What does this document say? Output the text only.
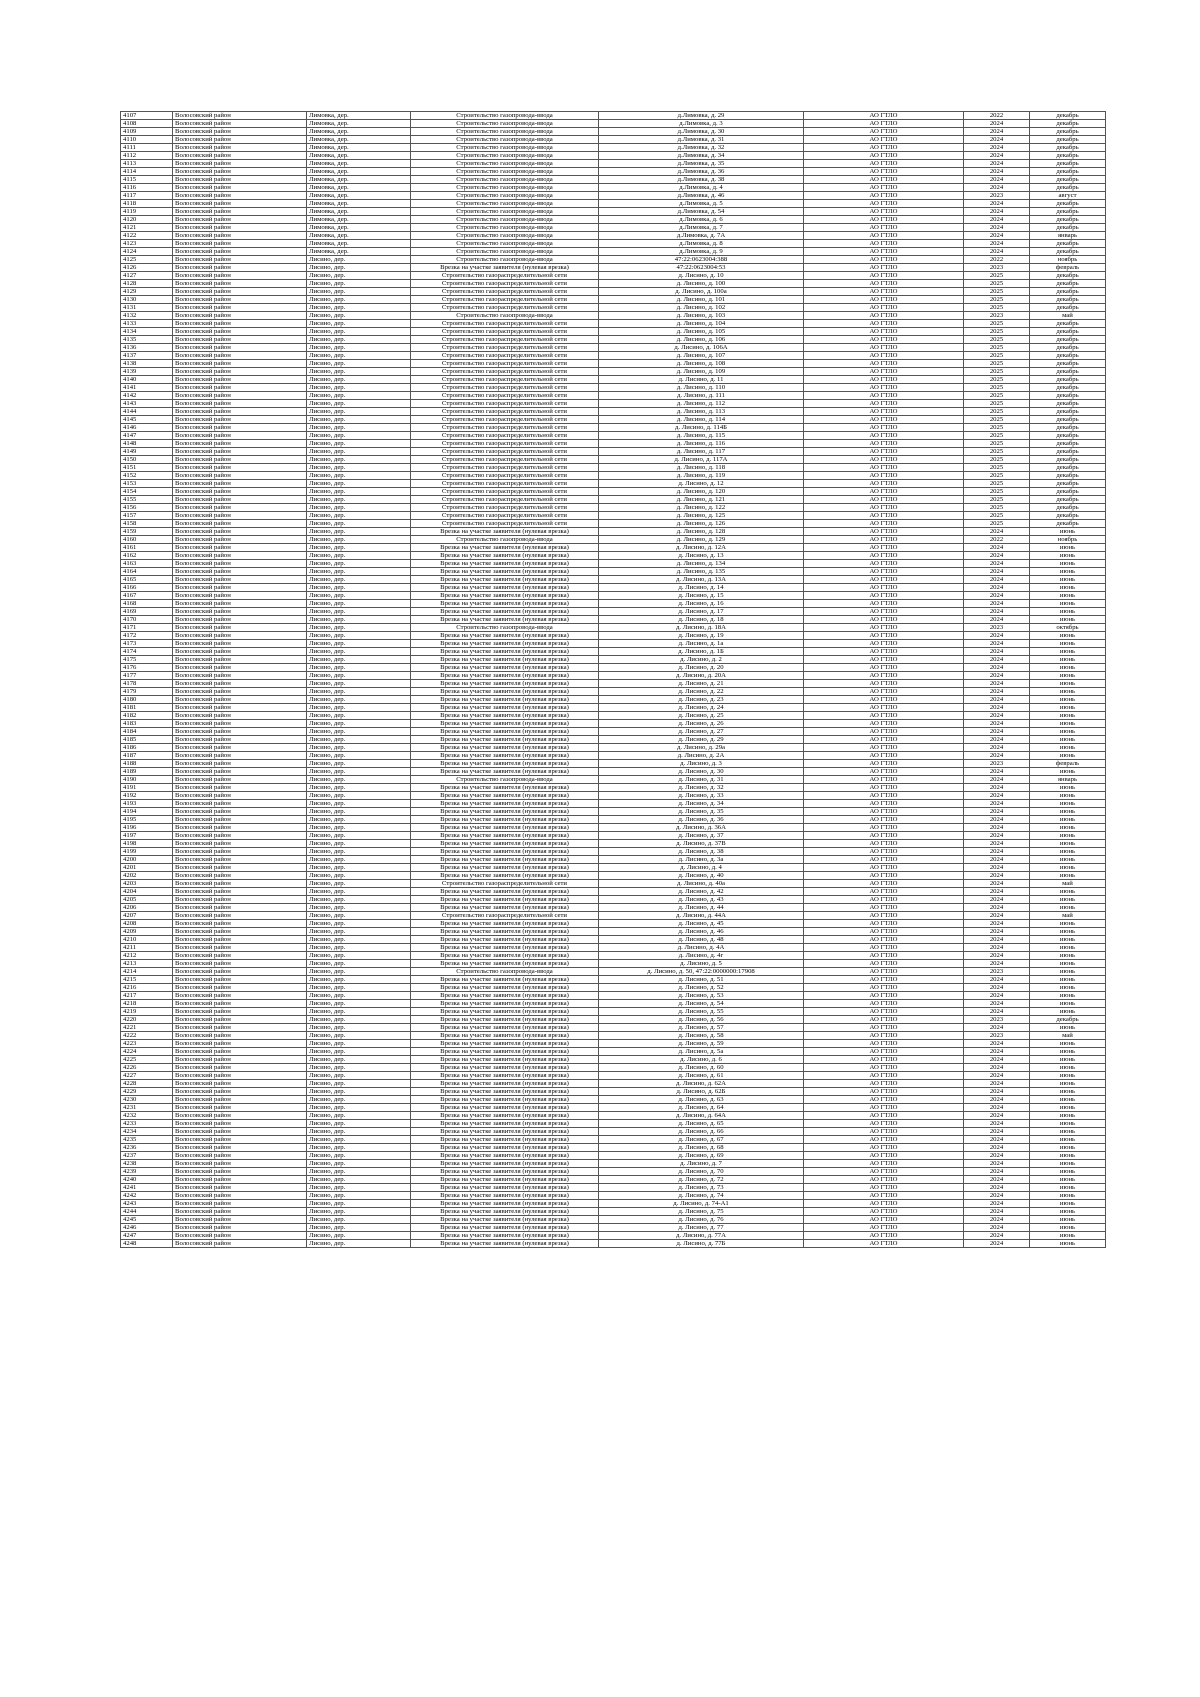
4107	Волосовский район	Лимовка, дер.	Строительство газопровода-ввода	д.Лимовка, д. 29	АО ГТЛО	2022	декабрь
4108	Волосовский район	Лимовка, дер.	Строительство газопровода-ввода	д.Лимовка, д. 3	АО ГТЛО	2024	декабрь
4109	Волосовский район	Лимовка, дер.	Строительство газопровода-ввода	д.Лимовка, д. 30	АО ГТЛО	2024	декабрь
4110	Волосовский район	Лимовка, дер.	Строительство газопровода-ввода	д.Лимовка, д. 31	АО ГТЛО	2024	декабрь
4111	Волосовский район	Лимовка, дер.	Строительство газопровода-ввода	д.Лимовка, д. 32	АО ГТЛО	2024	декабрь
4112	Волосовский район	Лимовка, дер.	Строительство газопровода-ввода	д.Лимовка, д. 34	АО ГТЛО	2024	декабрь
4113	Волосовский район	Лимовка, дер.	Строительство газопровода-ввода	д.Лимовка, д. 35	АО ГТЛО	2024	декабрь
4114	Волосовский район	Лимовка, дер.	Строительство газопровода-ввода	д.Лимовка, д. 36	АО ГТЛО	2024	декабрь
4115	Волосовский район	Лимовка, дер.	Строительство газопровода-ввода	д.Лимовка, д. 38	АО ГТЛО	2024	декабрь
4116	Волосовский район	Лимовка, дер.	Строительство газопровода-ввода	д.Лимовка, д. 4	АО ГТЛО	2024	декабрь
4117	Волосовский район	Лимовка, дер.	Строительство газопровода-ввода	д.Лимовка, д. 46	АО ГТЛО	2023	август
4118	Волосовский район	Лимовка, дер.	Строительство газопровода-ввода	д.Лимовка, д. 5	АО ГТЛО	2024	декабрь
4119	Волосовский район	Лимовка, дер.	Строительство газопровода-ввода	д.Лимовка, д. 54	АО ГТЛО	2024	декабрь
4120	Волосовский район	Лимовка, дер.	Строительство газопровода-ввода	д.Лимовка, д. 6	АО ГТЛО	2024	декабрь
4121	Волосовский район	Лимовка, дер.	Строительство газопровода-ввода	д.Лимовка, д. 7	АО ГТЛО	2024	декабрь
4122	Волосовский район	Лимовка, дер.	Строительство газопровода-ввода	д.Лимовка, д. 7А	АО ГТЛО	2024	январь
4123	Волосовский район	Лимовка, дер.	Строительство газопровода-ввода	д.Лимовка, д. 8	АО ГТЛО	2024	декабрь
4124	Волосовский район	Лимовка, дер.	Строительство газопровода-ввода	д.Лимовка, д. 9	АО ГТЛО	2024	декабрь
4125	Волосовский район	Лисино, дер.	Строительство газопровода-ввода	47:22:0623004:388	АО ГТЛО	2022	ноябрь
4126	Волосовский район	Лисино, дер.	Врезка на участке заявителя (нулевая врезка)	47:22:0623004:53	АО ГТЛО	2023	февраль
4127	Волосовский район	Лисино, дер.	Строительство газораспределительной сети	д. Лисино, д. 10	АО ГТЛО	2025	декабрь
4128	Волосовский район	Лисино, дер.	Строительство газораспределительной сети	д. Лисино, д. 100	АО ГТЛО	2025	декабрь
4129	Волосовский район	Лисино, дер.	Строительство газораспределительной сети	д. Лисино, д. 100а	АО ГТЛО	2025	декабрь
4130	Волосовский район	Лисино, дер.	Строительство газораспределительной сети	д. Лисино, д. 101	АО ГТЛО	2025	декабрь
4131	Волосовский район	Лисино, дер.	Строительство газораспределительной сети	д. Лисино, д. 102	АО ГТЛО	2025	декабрь
4132	Волосовский район	Лисино, дер.	Строительство газопровода-ввода	д. Лисино, д. 103	АО ГТЛО	2023	май
4133	Волосовский район	Лисино, дер.	Строительство газораспределительной сети	д. Лисино, д. 104	АО ГТЛО	2025	декабрь
4134	Волосовский район	Лисино, дер.	Строительство газораспределительной сети	д. Лисино, д. 105	АО ГТЛО	2025	декабрь
4135	Волосовский район	Лисино, дер.	Строительство газораспределительной сети	д. Лисино, д. 106	АО ГТЛО	2025	декабрь
4136	Волосовский район	Лисино, дер.	Строительство газораспределительной сети	д. Лисино, д. 106А	АО ГТЛО	2025	декабрь
4137	Волосовский район	Лисино, дер.	Строительство газораспределительной сети	д. Лисино, д. 107	АО ГТЛО	2025	декабрь
4138	Волосовский район	Лисино, дер.	Строительство газораспределительной сети	д. Лисино, д. 108	АО ГТЛО	2025	декабрь
4139	Волосовский район	Лисино, дер.	Строительство газораспределительной сети	д. Лисино, д. 109	АО ГТЛО	2025	декабрь
4140	Волосовский район	Лисино, дер.	Строительство газораспределительной сети	д. Лисино, д. 11	АО ГТЛО	2025	декабрь
4141	Волосовский район	Лисино, дер.	Строительство газораспределительной сети	д. Лисино, д. 110	АО ГТЛО	2025	декабрь
4142	Волосовский район	Лисино, дер.	Строительство газораспределительной сети	д. Лисино, д. 111	АО ГТЛО	2025	декабрь
4143	Волосовский район	Лисино, дер.	Строительство газораспределительной сети	д. Лисино, д. 112	АО ГТЛО	2025	декабрь
4144	Волосовский район	Лисино, дер.	Строительство газораспределительной сети	д. Лисино, д. 113	АО ГТЛО	2025	декабрь
4145	Волосовский район	Лисино, дер.	Строительство газораспределительной сети	д. Лисино, д. 114	АО ГТЛО	2025	декабрь
4146	Волосовский район	Лисино, дер.	Строительство газораспределительной сети	д. Лисино, д. 114Б	АО ГТЛО	2025	декабрь
4147	Волосовский район	Лисино, дер.	Строительство газораспределительной сети	д. Лисино, д. 115	АО ГТЛО	2025	декабрь
4148	Волосовский район	Лисино, дер.	Строительство газораспределительной сети	д. Лисино, д. 116	АО ГТЛО	2025	декабрь
4149	Волосовский район	Лисино, дер.	Строительство газораспределительной сети	д. Лисино, д. 117	АО ГТЛО	2025	декабрь
4150	Волосовский район	Лисино, дер.	Строительство газораспределительной сети	д. Лисино, д. 117А	АО ГТЛО	2025	декабрь
4151	Волосовский район	Лисино, дер.	Строительство газораспределительной сети	д. Лисино, д. 118	АО ГТЛО	2025	декабрь
4152	Волосовский район	Лисино, дер.	Строительство газораспределительной сети	д. Лисино, д. 119	АО ГТЛО	2025	декабрь
4153	Волосовский район	Лисино, дер.	Строительство газораспределительной сети	д. Лисино, д. 12	АО ГТЛО	2025	декабрь
4154	Волосовский район	Лисино, дер.	Строительство газораспределительной сети	д. Лисино, д. 120	АО ГТЛО	2025	декабрь
4155	Волосовский район	Лисино, дер.	Строительство газораспределительной сети	д. Лисино, д. 121	АО ГТЛО	2025	декабрь
4156	Волосовский район	Лисино, дер.	Строительство газораспределительной сети	д. Лисино, д. 122	АО ГТЛО	2025	декабрь
4157	Волосовский район	Лисино, дер.	Строительство газораспределительной сети	д. Лисино, д. 125	АО ГТЛО	2025	декабрь
4158	Волосовский район	Лисино, дер.	Строительство газораспределительной сети	д. Лисино, д. 126	АО ГТЛО	2025	декабрь
4159	Волосовский район	Лисино, дер.	Врезка на участке заявителя (нулевая врезка)	д. Лисино, д. 128	АО ГТЛО	2024	июнь
4160	Волосовский район	Лисино, дер.	Строительство газопровода-ввода	д. Лисино, д. 129	АО ГТЛО	2022	ноябрь
4161	Волосовский район	Лисино, дер.	Врезка на участке заявителя (нулевая врезка)	д. Лисино, д. 12А	АО ГТЛО	2024	июнь
4162	Волосовский район	Лисино, дер.	Врезка на участке заявителя (нулевая врезка)	д. Лисино, д. 13	АО ГТЛО	2024	июнь
4163	Волосовский район	Лисино, дер.	Врезка на участке заявителя (нулевая врезка)	д. Лисино, д. 134	АО ГТЛО	2024	июнь
4164	Волосовский район	Лисино, дер.	Врезка на участке заявителя (нулевая врезка)	д. Лисино, д. 135	АО ГТЛО	2024	июнь
4165	Волосовский район	Лисино, дер.	Врезка на участке заявителя (нулевая врезка)	д. Лисино, д. 13А	АО ГТЛО	2024	июнь
4166	Волосовский район	Лисино, дер.	Врезка на участке заявителя (нулевая врезка)	д. Лисино, д. 14	АО ГТЛО	2024	июнь
4167	Волосовский район	Лисино, дер.	Врезка на участке заявителя (нулевая врезка)	д. Лисино, д. 15	АО ГТЛО	2024	июнь
4168	Волосовский район	Лисино, дер.	Врезка на участке заявителя (нулевая врезка)	д. Лисино, д. 16	АО ГТЛО	2024	июнь
4169	Волосовский район	Лисино, дер.	Врезка на участке заявителя (нулевая врезка)	д. Лисино, д. 17	АО ГТЛО	2024	июнь
4170	Волосовский район	Лисино, дер.	Врезка на участке заявителя (нулевая врезка)	д. Лисино, д. 18	АО ГТЛО	2024	июнь
4171	Волосовский район	Лисино, дер.	Строительство газопровода-ввода	д. Лисино, д. 18А	АО ГТЛО	2023	октябрь
4172	Волосовский район	Лисино, дер.	Врезка на участке заявителя (нулевая врезка)	д. Лисино, д. 19	АО ГТЛО	2024	июнь
4173	Волосовский район	Лисино, дер.	Врезка на участке заявителя (нулевая врезка)	д. Лисино, д. 1а	АО ГТЛО	2024	июнь
4174	Волосовский район	Лисино, дер.	Врезка на участке заявителя (нулевая врезка)	д. Лисино, д. 1Б	АО ГТЛО	2024	июнь
4175	Волосовский район	Лисино, дер.	Врезка на участке заявителя (нулевая врезка)	д. Лисино, д. 2	АО ГТЛО	2024	июнь
4176	Волосовский район	Лисино, дер.	Врезка на участке заявителя (нулевая врезка)	д. Лисино, д. 20	АО ГТЛО	2024	июнь
4177	Волосовский район	Лисино, дер.	Врезка на участке заявителя (нулевая врезка)	д. Лисино, д. 20А	АО ГТЛО	2024	июнь
4178	Волосовский район	Лисино, дер.	Врезка на участке заявителя (нулевая врезка)	д. Лисино, д. 21	АО ГТЛО	2024	июнь
4179	Волосовский район	Лисино, дер.	Врезка на участке заявителя (нулевая врезка)	д. Лисино, д. 22	АО ГТЛО	2024	июнь
4180	Волосовский район	Лисино, дер.	Врезка на участке заявителя (нулевая врезка)	д. Лисино, д. 23	АО ГТЛО	2024	июнь
4181	Волосовский район	Лисино, дер.	Врезка на участке заявителя (нулевая врезка)	д. Лисино, д. 24	АО ГТЛО	2024	июнь
4182	Волосовский район	Лисино, дер.	Врезка на участке заявителя (нулевая врезка)	д. Лисино, д. 25	АО ГТЛО	2024	июнь
4183	Волосовский район	Лисино, дер.	Врезка на участке заявителя (нулевая врезка)	д. Лисино, д. 26	АО ГТЛО	2024	июнь
4184	Волосовский район	Лисино, дер.	Врезка на участке заявителя (нулевая врезка)	д. Лисино, д. 27	АО ГТЛО	2024	июнь
4185	Волосовский район	Лисино, дер.	Врезка на участке заявителя (нулевая врезка)	д. Лисино, д. 29	АО ГТЛО	2024	июнь
4186	Волосовский район	Лисино, дер.	Врезка на участке заявителя (нулевая врезка)	д. Лисино, д. 29а	АО ГТЛО	2024	июнь
4187	Волосовский район	Лисино, дер.	Врезка на участке заявителя (нулевая врезка)	д. Лисино, д. 2А	АО ГТЛО	2024	июнь
4188	Волосовский район	Лисино, дер.	Врезка на участке заявителя (нулевая врезка)	д. Лисино, д. 3	АО ГТЛО	2023	февраль
4189	Волосовский район	Лисино, дер.	Врезка на участке заявителя (нулевая врезка)	д. Лисино, д. 30	АО ГТЛО	2024	июнь
4190	Волосовский район	Лисино, дер.	Строительство газопровода-ввода	д. Лисино, д. 31	АО ГТЛО	2024	январь
4191	Волосовский район	Лисино, дер.	Врезка на участке заявителя (нулевая врезка)	д. Лисино, д. 32	АО ГТЛО	2024	июнь
4192	Волосовский район	Лисино, дер.	Врезка на участке заявителя (нулевая врезка)	д. Лисино, д. 33	АО ГТЛО	2024	июнь
4193	Волосовский район	Лисино, дер.	Врезка на участке заявителя (нулевая врезка)	д. Лисино, д. 34	АО ГТЛО	2024	июнь
4194	Волосовский район	Лисино, дер.	Врезка на участке заявителя (нулевая врезка)	д. Лисино, д. 35	АО ГТЛО	2024	июнь
4195	Волосовский район	Лисино, дер.	Врезка на участке заявителя (нулевая врезка)	д. Лисино, д. 36	АО ГТЛО	2024	июнь
4196	Волосовский район	Лисино, дер.	Врезка на участке заявителя (нулевая врезка)	д. Лисино, д. 36А	АО ГТЛО	2024	июнь
4197	Волосовский район	Лисино, дер.	Врезка на участке заявителя (нулевая врезка)	д. Лисино, д. 37	АО ГТЛО	2024	июнь
4198	Волосовский район	Лисино, дер.	Врезка на участке заявителя (нулевая врезка)	д. Лисино, д. 37В	АО ГТЛО	2024	июнь
4199	Волосовский район	Лисино, дер.	Врезка на участке заявителя (нулевая врезка)	д. Лисино, д. 38	АО ГТЛО	2024	июнь
4200	Волосовский район	Лисино, дер.	Врезка на участке заявителя (нулевая врезка)	д. Лисино, д. 3а	АО ГТЛО	2024	июнь
4201	Волосовский район	Лисино, дер.	Врезка на участке заявителя (нулевая врезка)	д. Лисино, д. 4	АО ГТЛО	2024	июнь
4202	Волосовский район	Лисино, дер.	Врезка на участке заявителя (нулевая врезка)	д. Лисино, д. 40	АО ГТЛО	2024	июнь
4203	Волосовский район	Лисино, дер.	Строительство газораспределительной сети	д. Лисино, д. 40а	АО ГТЛО	2024	май
4204	Волосовский район	Лисино, дер.	Врезка на участке заявителя (нулевая врезка)	д. Лисино, д. 42	АО ГТЛО	2024	июнь
4205	Волосовский район	Лисино, дер.	Врезка на участке заявителя (нулевая врезка)	д. Лисино, д. 43	АО ГТЛО	2024	июнь
4206	Волосовский район	Лисино, дер.	Врезка на участке заявителя (нулевая врезка)	д. Лисино, д. 44	АО ГТЛО	2024	июнь
4207	Волосовский район	Лисино, дер.	Строительство газораспределительной сети	д. Лисино, д. 44А	АО ГТЛО	2024	май
4208	Волосовский район	Лисино, дер.	Врезка на участке заявителя (нулевая врезка)	д. Лисино, д. 45	АО ГТЛО	2024	июнь
4209	Волосовский район	Лисино, дер.	Врезка на участке заявителя (нулевая врезка)	д. Лисино, д. 46	АО ГТЛО	2024	июнь
4210	Волосовский район	Лисино, дер.	Врезка на участке заявителя (нулевая врезка)	д. Лисино, д. 48	АО ГТЛО	2024	июнь
4211	Волосовский район	Лисино, дер.	Врезка на участке заявителя (нулевая врезка)	д. Лисино, д. 4А	АО ГТЛО	2024	июнь
4212	Волосовский район	Лисино, дер.	Врезка на участке заявителя (нулевая врезка)	д. Лисино, д. 4г	АО ГТЛО	2024	июнь
4213	Волосовский район	Лисино, дер.	Врезка на участке заявителя (нулевая врезка)	д. Лисино, д. 5	АО ГТЛО	2024	июнь
4214	Волосовский район	Лисино, дер.	Строительство газопровода-ввода	д. Лисино, д. 50, 47:22:0000000:17908	АО ГТЛО	2023	июнь
4215	Волосовский район	Лисино, дер.	Врезка на участке заявителя (нулевая врезка)	д. Лисино, д. 51	АО ГТЛО	2024	июнь
4216	Волосовский район	Лисино, дер.	Врезка на участке заявителя (нулевая врезка)	д. Лисино, д. 52	АО ГТЛО	2024	июнь
4217	Волосовский район	Лисино, дер.	Врезка на участке заявителя (нулевая врезка)	д. Лисино, д. 53	АО ГТЛО	2024	июнь
4218	Волосовский район	Лисино, дер.	Врезка на участке заявителя (нулевая врезка)	д. Лисино, д. 54	АО ГТЛО	2024	июнь
4219	Волосовский район	Лисино, дер.	Врезка на участке заявителя (нулевая врезка)	д. Лисино, д. 55	АО ГТЛО	2024	июнь
4220	Волосовский район	Лисино, дер.	Врезка на участке заявителя (нулевая врезка)	д. Лисино, д. 56	АО ГТЛО	2023	декабрь
4221	Волосовский район	Лисино, дер.	Врезка на участке заявителя (нулевая врезка)	д. Лисино, д. 57	АО ГТЛО	2024	июнь
4222	Волосовский район	Лисино, дер.	Врезка на участке заявителя (нулевая врезка)	д. Лисино, д. 58	АО ГТЛО	2023	май
4223	Волосовский район	Лисино, дер.	Врезка на участке заявителя (нулевая врезка)	д. Лисино, д. 59	АО ГТЛО	2024	июнь
4224	Волосовский район	Лисино, дер.	Врезка на участке заявителя (нулевая врезка)	д. Лисино, д. 5а	АО ГТЛО	2024	июнь
4225	Волосовский район	Лисино, дер.	Врезка на участке заявителя (нулевая врезка)	д. Лисино, д. 6	АО ГТЛО	2024	июнь
4226	Волосовский район	Лисино, дер.	Врезка на участке заявителя (нулевая врезка)	д. Лисино, д. 60	АО ГТЛО	2024	июнь
4227	Волосовский район	Лисино, дер.	Врезка на участке заявителя (нулевая врезка)	д. Лисино, д. 61	АО ГТЛО	2024	июнь
4228	Волосовский район	Лисино, дер.	Врезка на участке заявителя (нулевая врезка)	д. Лисино, д. 62А	АО ГТЛО	2024	июнь
4229	Волосовский район	Лисино, дер.	Врезка на участке заявителя (нулевая врезка)	д. Лисино, д. 62Б	АО ГТЛО	2024	июнь
4230	Волосовский район	Лисино, дер.	Врезка на участке заявителя (нулевая врезка)	д. Лисино, д. 63	АО ГТЛО	2024	июнь
4231	Волосовский район	Лисино, дер.	Врезка на участке заявителя (нулевая врезка)	д. Лисино, д. 64	АО ГТЛО	2024	июнь
4232	Волосовский район	Лисино, дер.	Врезка на участке заявителя (нулевая врезка)	д. Лисино, д. 64А	АО ГТЛО	2024	июнь
4233	Волосовский район	Лисино, дер.	Врезка на участке заявителя (нулевая врезка)	д. Лисино, д. 65	АО ГТЛО	2024	июнь
4234	Волосовский район	Лисино, дер.	Врезка на участке заявителя (нулевая врезка)	д. Лисино, д. 66	АО ГТЛО	2024	июнь
4235	Волосовский район	Лисино, дер.	Врезка на участке заявителя (нулевая врезка)	д. Лисино, д. 67	АО ГТЛО	2024	июнь
4236	Волосовский район	Лисино, дер.	Врезка на участке заявителя (нулевая врезка)	д. Лисино, д. 68	АО ГТЛО	2024	июнь
4237	Волосовский район	Лисино, дер.	Врезка на участке заявителя (нулевая врезка)	д. Лисино, д. 69	АО ГТЛО	2024	июнь
4238	Волосовский район	Лисино, дер.	Врезка на участке заявителя (нулевая врезка)	д. Лисино, д. 7	АО ГТЛО	2024	июнь
4239	Волосовский район	Лисино, дер.	Врезка на участке заявителя (нулевая врезка)	д. Лисино, д. 70	АО ГТЛО	2024	июнь
4240	Волосовский район	Лисино, дер.	Врезка на участке заявителя (нулевая врезка)	д. Лисино, д. 72	АО ГТЛО	2024	июнь
4241	Волосовский район	Лисино, дер.	Врезка на участке заявителя (нулевая врезка)	д. Лисино, д. 73	АО ГТЛО	2024	июнь
4242	Волосовский район	Лисино, дер.	Врезка на участке заявителя (нулевая врезка)	д. Лисино, д. 74	АО ГТЛО	2024	июнь
4243	Волосовский район	Лисино, дер.	Врезка на участке заявителя (нулевая врезка)	д. Лисино, д. 74-А1	АО ГТЛО	2024	июнь
4244	Волосовский район	Лисино, дер.	Врезка на участке заявителя (нулевая врезка)	д. Лисино, д. 75	АО ГТЛО	2024	июнь
4245	Волосовский район	Лисино, дер.	Врезка на участке заявителя (нулевая врезка)	д. Лисино, д. 76	АО ГТЛО	2024	июнь
4246	Волосовский район	Лисино, дер.	Врезка на участке заявителя (нулевая врезка)	д. Лисино, д. 77	АО ГТЛО	2024	июнь
4247	Волосовский район	Лисино, дер.	Врезка на участке заявителя (нулевая врезка)	д. Лисино, д. 77А	АО ГТЛО	2024	июнь
4248	Волосовский район	Лисино, дер.	Врезка на участке заявителя (нулевая врезка)	д. Лисино, д. 77Б	АО ГТЛО	2024	июнь
